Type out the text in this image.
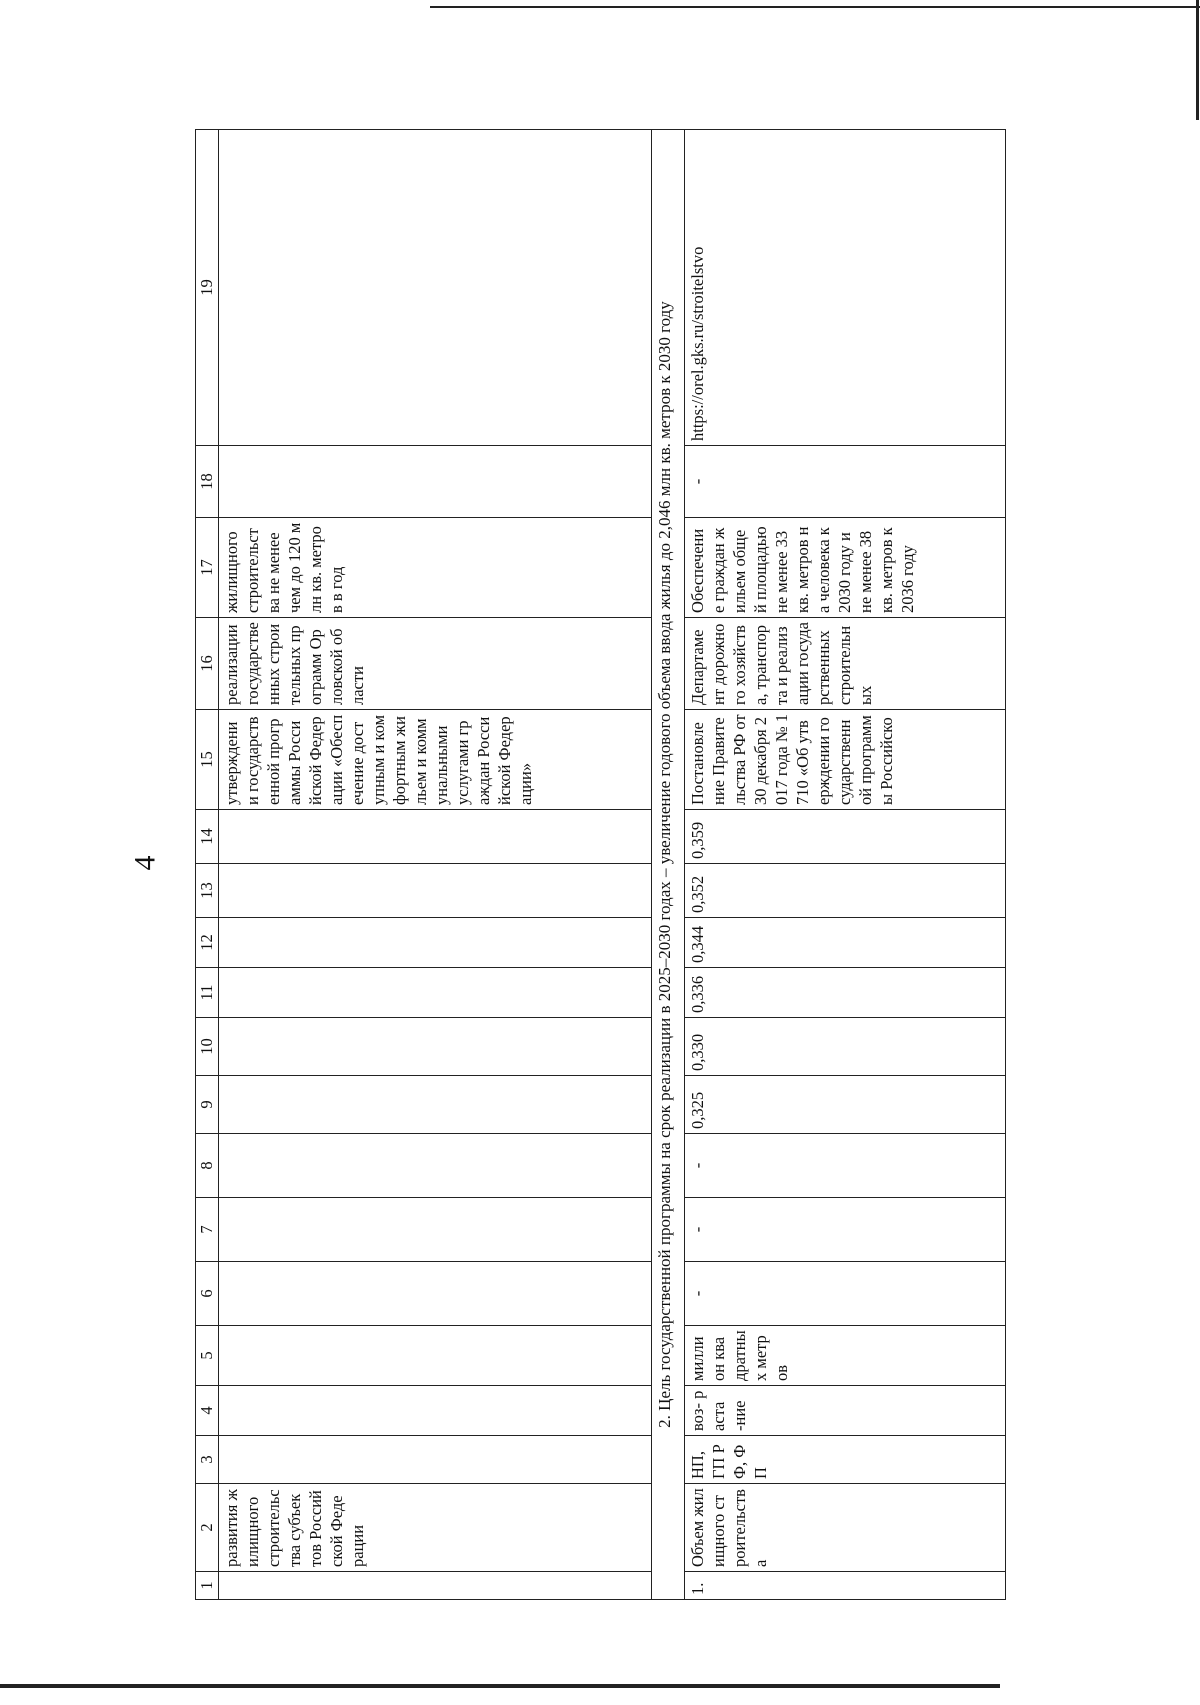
4
1	2	3	4	5	6	7	8	9	10	11	12	13	14	15	16	17	18	19
	развития жилищного строительства субъектов Российской Федерации													утверждении государственной программы Российской Федерации «Обеспечение доступным и комфортным жильем и коммунальными услугами граждан Российской Федерации»	реализации государственных строительных программ Орловской области	жилищного строительства не менее чем до 120 млн кв. метров в год		
2. Цель государственной программы на срок реализации в 2025–2030 годах – увеличение годового объема ввода жилья до 2,046 млн кв. метров к 2030 году																		
1.	Объем жилищного строительства	НП, ГП РФ, ФП	воз- раста -ние	миллион квадратных метров	-	-	-	0,325	0,330	0,336	0,344	0,352	0,359	Постановление Правительства РФ от 30 декабря 2017 года № 1710 «Об утверждении государственной программы Российско	Департамент дорожного хозяйства, транспорта и реализации государственных строительных	Обеспечение граждан жильем общей площадью не менее 33 кв. метров на человека к 2030 году и не менее 38 кв. метров к 2036 году	-	https://orel.gks.ru/stroitelstvo
